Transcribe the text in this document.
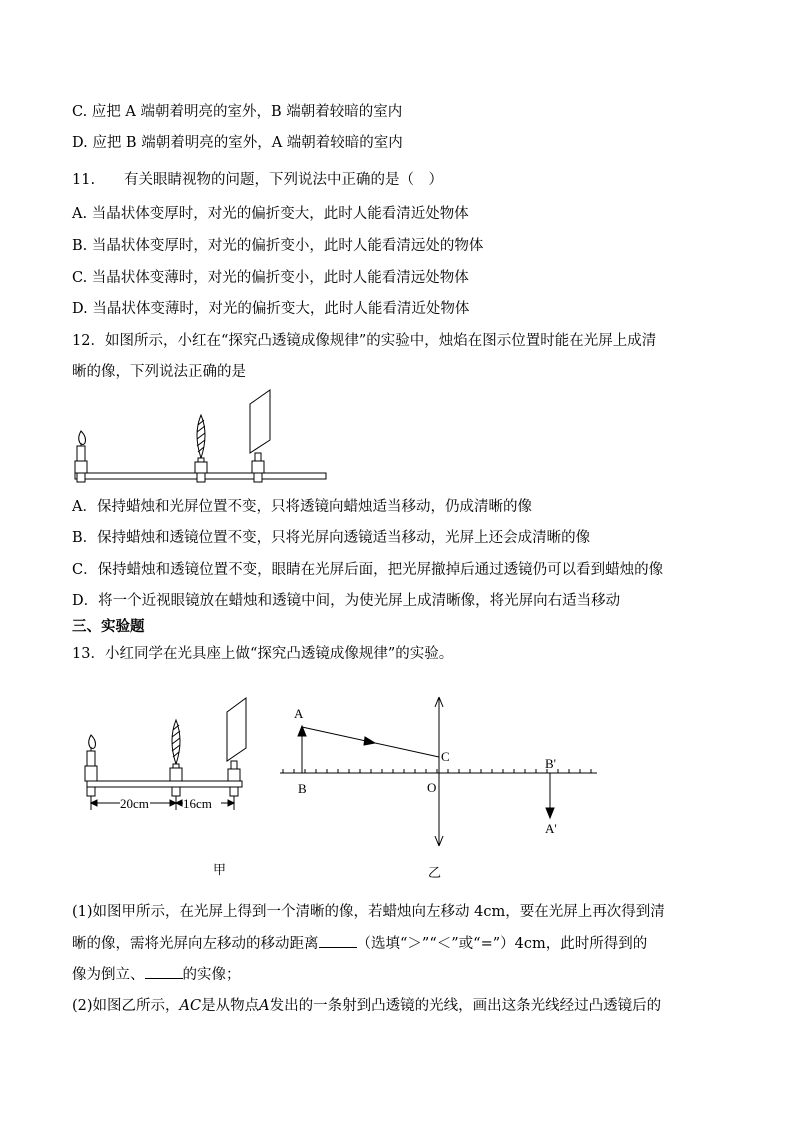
C. 应把 A 端朝着明亮的室外，B 端朝着较暗的室内
D. 应把 B 端朝着明亮的室外，A 端朝着较暗的室内
11.　　有关眼睛视物的问题，下列说法中正确的是（　）
A. 当晶状体变厚时，对光的偏折变大，此时人能看清近处物体
B. 当晶状体变厚时，对光的偏折变小，此时人能看清远处的物体
C. 当晶状体变薄时，对光的偏折变小，此时人能看清远处物体
D. 当晶状体变薄时，对光的偏折变大，此时人能看清近处物体
12．如图所示，小红在“探究凸透镜成像规律”的实验中，烛焰在图示位置时能在光屏上成清
晰的像，下列说法正确的是
A．保持蜡烛和光屏位置不变，只将透镜向蜡烛适当移动，仍成清晰的像
B．保持蜡烛和透镜位置不变，只将光屏向透镜适当移动，光屏上还会成清晰的像
C．保持蜡烛和透镜位置不变，眼睛在光屏后面，把光屏撤掉后通过透镜仍可以看到蜡烛的像
D．将一个近视眼镜放在蜡烛和透镜中间，为使光屏上成清晰像，将光屏向右适当移动
三、实验题
13．小红同学在光具座上做“探究凸透镜成像规律”的实验。
20cm	16cm
甲
A
B
C
O
B'
A'
乙
(1)如图甲所示，在光屏上得到一个清晰的像，若蜡烛向左移动 4cm，要在光屏上再次得到清
晰的像，需将光屏向左移动的移动距离	（选填“＞”“＜”或“=”）4cm，此时所得到的
像为倒立、	的实像；
(2)如图乙所示，AC是从物点A发出的一条射到凸透镜的光线，画出这条光线经过凸透镜后的
